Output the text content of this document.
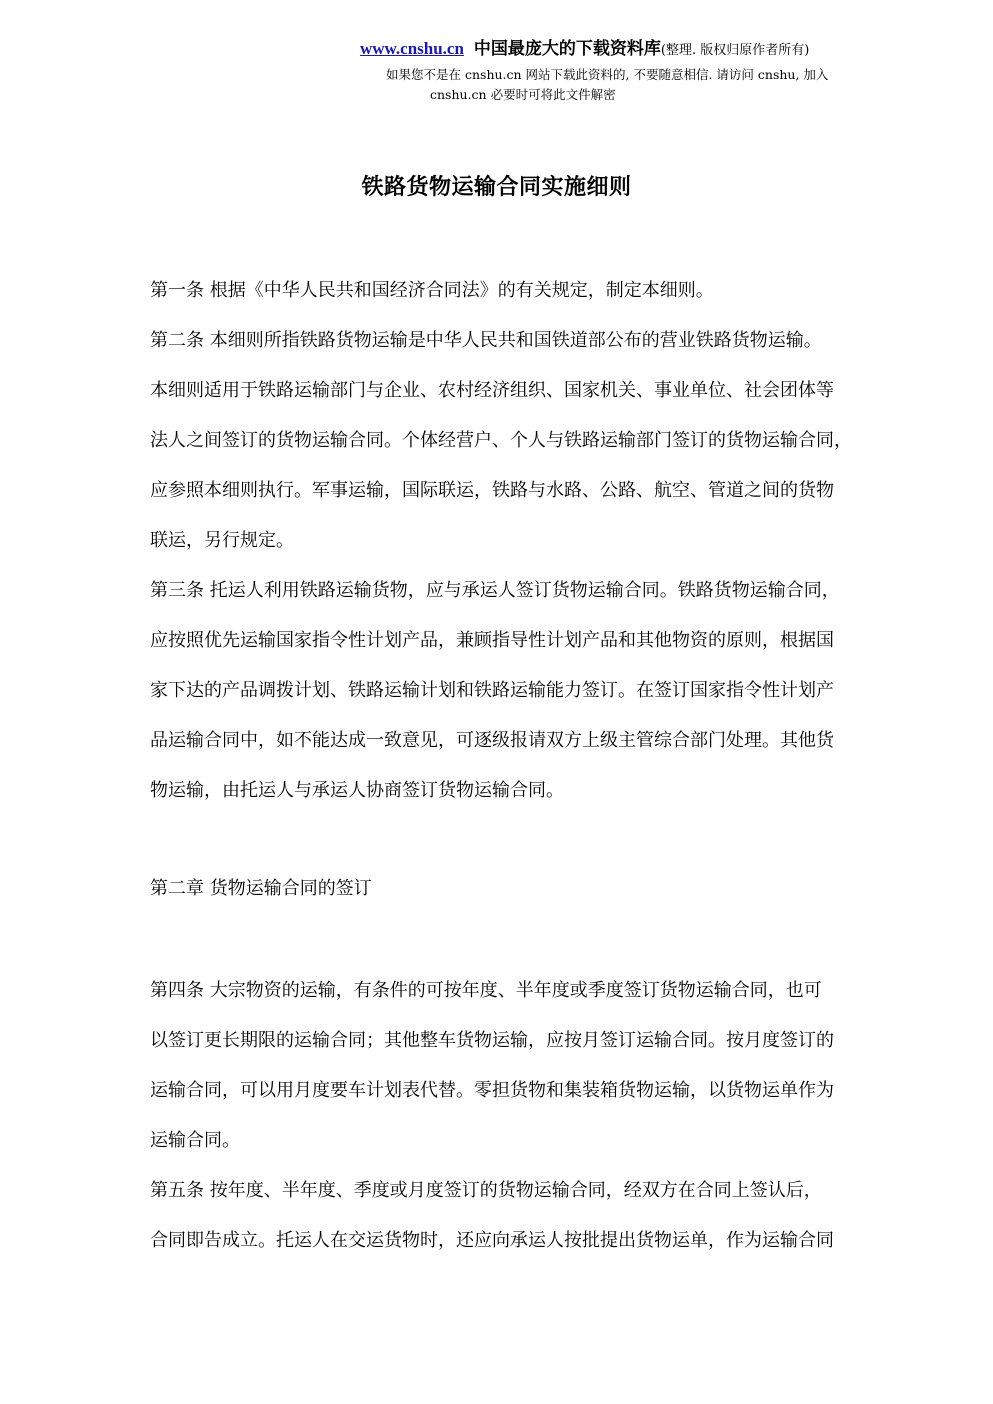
www.cnshu.cn 中国最庞大的下载资料库(整理. 版权归原作者所有)
如果您不是在 cnshu.cn 网站下载此资料的, 不要随意相信. 请访问 cnshu, 加入
cnshu.cn 必要时可将此文件解密
铁路货物运输合同实施细则
第一条 根据《中华人民共和国经济合同法》的有关规定，制定本细则。
第二条 本细则所指铁路货物运输是中华人民共和国铁道部公布的营业铁路货物运输。
本细则适用于铁路运输部门与企业、农村经济组织、国家机关、事业单位、社会团体等
法人之间签订的货物运输合同。个体经营户、个人与铁路运输部门签订的货物运输合同，
应参照本细则执行。军事运输，国际联运，铁路与水路、公路、航空、管道之间的货物
联运，另行规定。
第三条 托运人利用铁路运输货物，应与承运人签订货物运输合同。铁路货物运输合同，
应按照优先运输国家指令性计划产品，兼顾指导性计划产品和其他物资的原则，根据国
家下达的产品调拨计划、铁路运输计划和铁路运输能力签订。在签订国家指令性计划产
品运输合同中，如不能达成一致意见，可逐级报请双方上级主管综合部门处理。其他货
物运输，由托运人与承运人协商签订货物运输合同。
第二章 货物运输合同的签订
第四条 大宗物资的运输，有条件的可按年度、半年度或季度签订货物运输合同，也可
以签订更长期限的运输合同；其他整车货物运输，应按月签订运输合同。按月度签订的
运输合同，可以用月度要车计划表代替。零担货物和集装箱货物运输，以货物运单作为
运输合同。
第五条 按年度、半年度、季度或月度签订的货物运输合同，经双方在合同上签认后，
合同即告成立。托运人在交运货物时，还应向承运人按批提出货物运单，作为运输合同
